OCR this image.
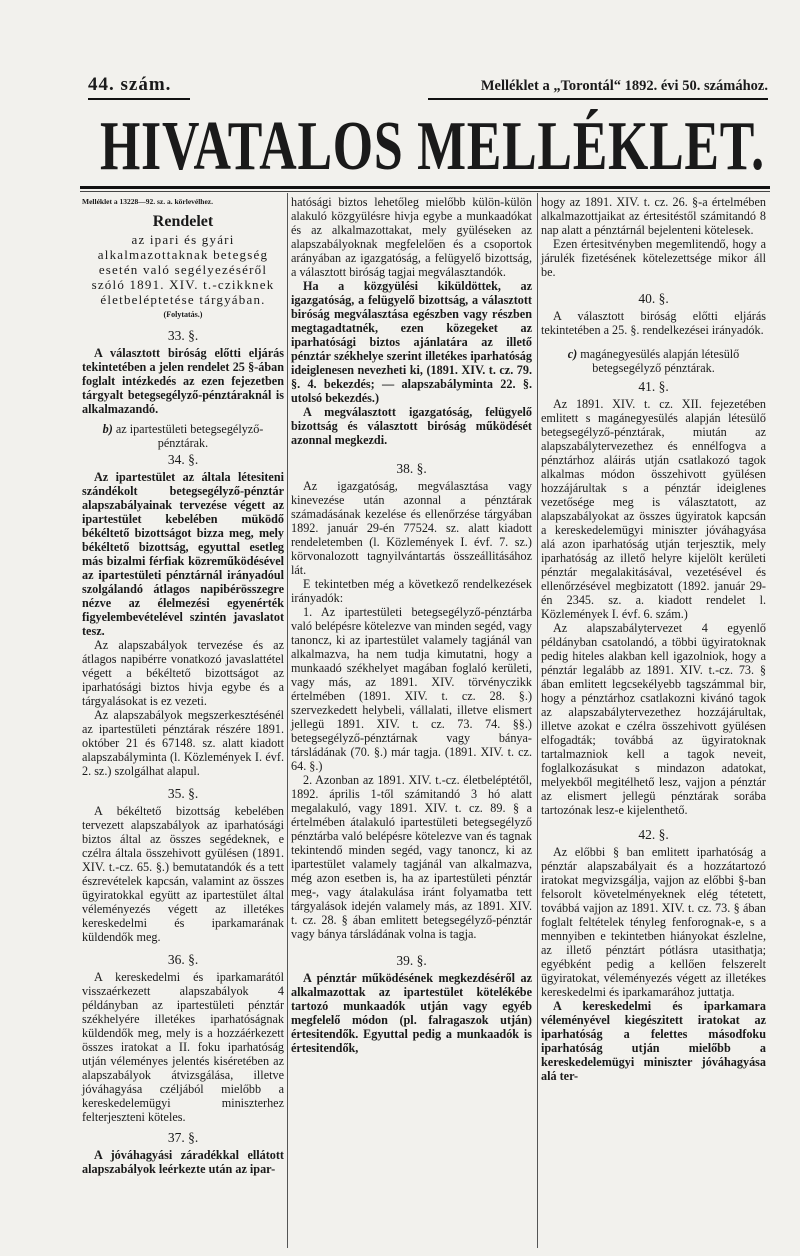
44. szám.	Melléklet a „Torontál“ 1892. évi 50. számához.
HIVATALOS MELLÉKLET.
Melléklet a 13228—92. sz. a. körlevélhez.
Rendelet
az ipari és gyári alkalmazottaknak betegség esetén való segélyezéséről szóló 1891. XIV. t.-czikknek életbeléptetése tárgyában.
(Folytatás.)
33. §.

A választott biróság előtti eljárás tekintetében a jelen rendelet 25 §-ában foglalt intézkedés az ezen fejezetben tárgyalt betegsegélyző-pénztáraknál is alkalmazandó.

b) az ipartestületi betegsegélyző-pénztárak.
34. §.

Az ipartestület az általa létesiteni szándékolt betegsegélyző-pénztár alapszabályainak tervezése végett az ipartestület kebelében müködő békéltető bizottságot bizza meg, mely békéltető bizottság, egyuttal esetleg más bizalmi férfiak közreműködésével az ipartestületi pénztárnál irányadóul szolgálandó átlagos napibérösszegre nézve az élelmezési egyenérték figyelembevételével szintén javaslatot tesz.

Az alapszabályok tervezése és az átlagos napibérre vonatkozó javaslattétel végett a békéltető bizottságot az iparhatósági biztos hivja egybe és a tárgyalásokat is ez vezeti.

Az alapszabályok megszerkesztésénél az ipartestületi pénztárak részére 1891. október 21 és 67148. sz. alatt kiadott alapszabályminta (l. Közlemények I. évf. 2. sz.) szolgálhat alapul.

35. §.

A békéltető bizottság kebelében tervezett alapszabályok az iparhatósági biztos által az összes segédeknek, e czélra általa összehivott gyülésen (1891. XIV. t.-cz. 65. §.) bemutatandók és a tett észrevételek kapcsán, valamint az összes ügyiratokkal együtt az ipartestület által véleményezés végett az illetékes kereskedelmi és iparkamarának küldendők meg.

36. §.

A kereskedelmi és iparkamarától visszaérkezett alapszabályok 4 példányban az ipartestületi pénztár székhelyére illetékes iparhatóságnak küldendők meg, mely is a hozzáérkezett összes iratokat a II. foku iparhatóság utján véleményes jelentés kiséretében az alapszabályok átvizsgálása, illetve jóváhagyása czéljából mielőbb a kereskedelemügyi miniszterhez felterjeszteni köteles.

37. §.

A jóváhagyási záradékkal ellátott alapszabályok leérkezte után az ipar-

hatósági biztos lehetőleg mielőbb külön-külön alakuló közgyülésre hivja egybe a munkaadókat és az alkalmazottakat, mely gyüléseken az alapszabályoknak megfelelően és a csoportok arányában az igazgatóság, a felügyelő bizottság, a választott biróság tagjai megválasztandók.

Ha a közgyülési kiküldöttek, az igazgatóság, a felügyelő bizottság, a választott biróság megválasztása egészben vagy részben megtagadtatnék, ezen közegeket az iparhatósági biztos ajánlatára az illető pénztár székhelye szerint illetékes iparhatóság ideiglenesen nevezheti ki, (1891. XIV. t. cz. 79. §. 4. bekezdés; — alapszabályminta 22. §. utolsó bekezdés.)

A megválasztott igazgatóság, felügyelő bizottság és választott biróság működését azonnal megkezdi.

38. §.

Az igazgatóság, megválasztása vagy kinevezése után azonnal a pénztárak számadásának kezelése és ellenőrzése tárgyában 1892. január 29-én 77524. sz. alatt kiadott rendeletemben (l. Közlemények I. évf. 7. sz.) körvonalozott tagnyilvántartás összeállitásához lát.

E tekintetben még a következő rendelkezések irányadók:

1. Az ipartestületi betegsegélyző-pénztárba való belépésre kötelezve van minden segéd, vagy tanoncz, ki az ipartestület valamely tagjánál van alkalmazva, ha nem tudja kimutatni, hogy a munkaadó székhelyet magában foglaló kerületi, vagy más, az 1891. XIV. törvényczikk értelmében (1891. XIV. t. cz. 28. §.) szervezkedett helybeli, vállalati, illetve elismert jellegü 1891. XIV. t. cz. 73. 74. §§.) betegsegélyző-pénztárnak vagy bánya-társládának (70. §.) már tagja. (1891. XIV. t. cz. 64. §.)

2. Azonban az 1891. XIV. t.-cz. életbeléptétől, 1892. április 1-től számitandó 3 hó alatt megalakuló, vagy 1891. XIV. t. cz. 89. § a értelmében átalakuló ipartestületi betegsegélyző pénztárba való belépésre kötelezve van és tagnak tekintendő minden segéd, vagy tanoncz, ki az ipartestület valamely tagjánál van alkalmazva, még azon esetben is, ha az ipartestületi pénztár meg-, vagy átalakulása iránt folyamatba tett tárgyalások idején valamely más, az 1891. XIV. t. cz. 28. § ában emlitett betegsegélyző-pénztár vagy bánya társládának volna is tagja.

39. §.

A pénztár működésének megkezdéséről az alkalmazottak az ipartestület kötelékébe tartozó munkaadók utján vagy egyéb megfelelő módon (pl. falragaszok utján) értesitendők. Egyuttal pedig a munkaadók is értesitendők,

hogy az 1891. XIV. t. cz. 26. §-a értelmében alkalmazottjaikat az értesitéstől számitandó 8 nap alatt a pénztárnál bejelenteni kötelesek.

Ezen értesitvényben megemlitendő, hogy a járulék fizetésének kötelezettsége mikor áll be.

40. §.

A választott biróság előtti eljárás tekintetében a 25. §. rendelkezései irányadók.

c) magánegyesülés alapján létesülő betegsegélyző pénztárak.
41. §.

Az 1891. XIV. t. cz. XII. fejezetében emlitett s magánegyesülés alapján létesülő betegsegélyző-pénztárak, miután az alapszabálytervezethez és ennélfogva a pénztárhoz aláirás utján csatlakozó tagok alkalmas módon összehivott gyülésen hozzájárultak s a pénztár ideiglenes vezetősége meg is választatott, az alapszabályokat az összes ügyiratok kapcsán a kereskedelemügyi miniszter jóváhagyása alá azon iparhatóság utján terjesztik, mely iparhatóság az illető helyre kijelölt kerületi pénztár megalakitásával, vezetésével és ellenőrzésével megbizatott (1892. január 29-én 2345. sz. a. kiadott rendelet l. Közlemények I. évf. 6. szám.)

Az alapszabálytervezet 4 egyenlő példányban csatolandó, a többi ügyiratoknak pedig hiteles alakban kell igazolniok, hogy a pénztár legalább az 1891. XIV. t.-cz. 73. § ában emlitett legcsekélyebb tagszámmal bir, hogy a pénztárhoz csatlakozni kivánó tagok az alapszabálytervezethez hozzájárultak, illetve azokat e czélra összehivott gyülésen elfogadták; továbbá az ügyiratoknak tartalmazniok kell a tagok neveit, foglalkozásukat s mindazon adatokat, melyekből megitélhető lesz, vajjon a pénztár az elismert jellegü pénztárak sorába tartozónak lesz-e kijelenthető.

42. §.

Az előbbi § ban emlitett iparhatóság a pénztár alapszabályait és a hozzátartozó iratokat megvizsgálja, vajjon az előbbi §-ban felsorolt követelményeknek elég tétetett, továbbá vajjon az 1891. XIV. t. cz. 73. § ában foglalt feltételek tényleg fenforognak-e, s a mennyiben e tekintetben hiányokat észlelne, az illető pénztárt pótlásra utasithatja; egyébként pedig a kellően felszerelt ügyiratokat, véleményezés végett az illetékes kereskedelmi és iparkamarához juttatja.

A kereskedelmi és iparkamara véleményével kiegészitett iratokat az iparhatóság a felettes másodfoku iparhatóság utján mielőbb a kereskedelemügyi miniszter jóváhagyása alá ter-
